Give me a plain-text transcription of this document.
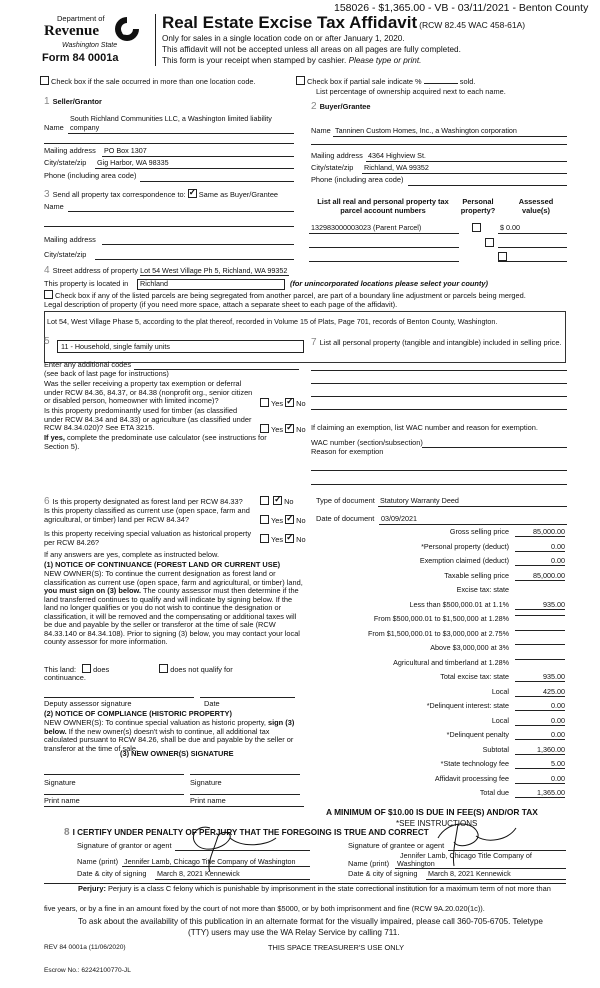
158026 - $1,365.00 - VB - 03/11/2021 - Benton County
Department of
Revenue
Washington State
Form 84 0001a
Real Estate Excise Tax Affidavit (RCW 82.45 WAC 458-61A)
Only for sales in a single location code on or after January 1, 2020.
This affidavit will not be accepted unless all areas on all pages are fully completed.
This form is your receipt when stamped by cashier. Please type or print.
Check box if the sale occurred in more than one location code.	Check box if partial sale indicate %	sold.
List percentage of ownership acquired next to each name.
1 Seller/Grantor
South Richland Communities LLC, a Washington limited liability
Name company
Mailing address PO Box 1307
City/state/zip Gig Harbor, WA 98335
Phone (including area code)
2 Buyer/Grantee
Name Tanninen Custom Homes, Inc., a Washington corporation
Mailing address 4364 Highview St.
City/state/zip Richland, WA 99352
Phone (including area code)
3 Send all property tax correspondence to: ✓ Same as Buyer/Grantee
Name
Mailing address
City/state/zip
List all real and personal property tax parcel account numbers
Personal property?
Assessed value(s)
132983000003023 (Parent Parcel)
	$ 0.00

4 Street address of property Lot 54 West Village Ph 5, Richland, WA 99352
This property is located in	Richland	(for unincorporated locations please select your county)
Check box if any of the listed parcels are being segregated from another parcel, are part of a boundary line adjustment or parcels being merged.
Legal description of property (if you need more space, attach a separate sheet to each page of the affidavit).
Lot 54, West Village Phase 5, according to the plat thereof, recorded in Volume 15 of Plats, Page 701, records of Benton County, Washington.
5	11 - Household, single family units
Enter any additional codes
(see back of last page for instructions)
Was the seller receiving a property tax exemption or deferral under RCW 84.36, 84.37, or 84.38 (nonprofit org., senior citizen or disabled person, homeowner with limited income)?	Yes ✓ No
Is this property predominantly used for timber (as classified under RCW 84.34 and 84.33) or agriculture (as classified under RCW 84.34.020)? See ETA 3215.	Yes ✓ No
If yes, complete the predominate use calculator (see instructions for Section 5).
7 List all personal property (tangible and intangible) included in selling price.
If claiming an exemption, list WAC number and reason for exemption.
WAC number (section/subsection)
Reason for exemption
6 Is this property designated as forest land per RCW 84.33? ✓	No
Is this property classified as current use (open space, farm and agricultural, or timber) land per RCW 84.34?	Yes ✓ No
Is this property receiving special valuation as historical property per RCW 84.26?	Yes ✓ No
If any answers are yes, complete as instructed below.
(1) NOTICE OF CONTINUANCE (FOREST LAND OR CURRENT USE)
NEW OWNER(S): To continue the current designation as forest land or classification as current use (open space, farm and agricultural, or timber) land, you must sign on (3) below. The county assessor must then determine if the land transferred continues to qualify and will indicate by signing below. If the land no longer qualifies or you do not wish to continue the designation or classification, it will be removed and the compensating or additional taxes will be due and payable by the seller or transferor at the time of sale (RCW 84.33.140 or 84.34.108). Prior to signing (3) below, you may contact your local county assessor for more information.
This land: does	does not qualify for
continuance.
Deputy assessor signature	Date
(2) NOTICE OF COMPLIANCE (HISTORIC PROPERTY)
NEW OWNER(S): To continue special valuation as historic property, sign (3) below. If the new owner(s) doesn't wish to continue, all additional tax calculated pursuant to RCW 84.26, shall be due and payable by the seller or transferor at the time of sale.
(3) NEW OWNER(S) SIGNATURE
Signature	Signature
Print name	Print name
Type of document Statutory Warranty Deed
Date of document 03/09/2021
Gross selling price	85,000.00
*Personal property (deduct)	0.00
Exemption claimed (deduct)	0.00
Taxable selling price	85,000.00
Excise tax: state
Less than $500,000.01 at 1.1%	935.00
From $500,000.01 to $1,500,000 at 1.28%
From $1,500,000.01 to $3,000,000 at 2.75%
Above $3,000,000 at 3%
Agricultural and timberland at 1.28%
Total excise tax: state	935.00
Local	425.00
*Delinquent interest: state	0.00
Local	0.00
*Delinquent penalty	0.00
Subtotal	1,360.00
*State technology fee	5.00
Affidavit processing fee	0.00
Total due	1,365.00
A MINIMUM OF $10.00 IS DUE IN FEE(S) AND/OR TAX
*SEE INSTRUCTIONS
8 I CERTIFY UNDER PENALTY OF PERJURY THAT THE FOREGOING IS TRUE AND CORRECT
Signature of grantor or agent	Signature of grantee or agent
Name (print) Jennifer Lamb, Chicago Title Company of Washington
Jennifer Lamb, Chicago Title Company of
Name (print) Washington
Date & city of signing March 8, 2021 Kennewick	Date & city of signing March 8, 2021 Kennewick
Perjury: Perjury is a class C felony which is punishable by imprisonment in the state correctional institution for a maximum term of not more than
five years, or by a fine in an amount fixed by the court of not more than $5000, or by both imprisonment and fine (RCW 9A.20.020(1c)).
To ask about the availability of this publication in an alternate format for the visually impaired, please call 360-705-6705. Teletype
(TTY) users may use the WA Relay Service by calling 711.
REV 84 0001a (11/06/2020)	THIS SPACE TREASURER'S USE ONLY
Escrow No.: 62242100770-JL
